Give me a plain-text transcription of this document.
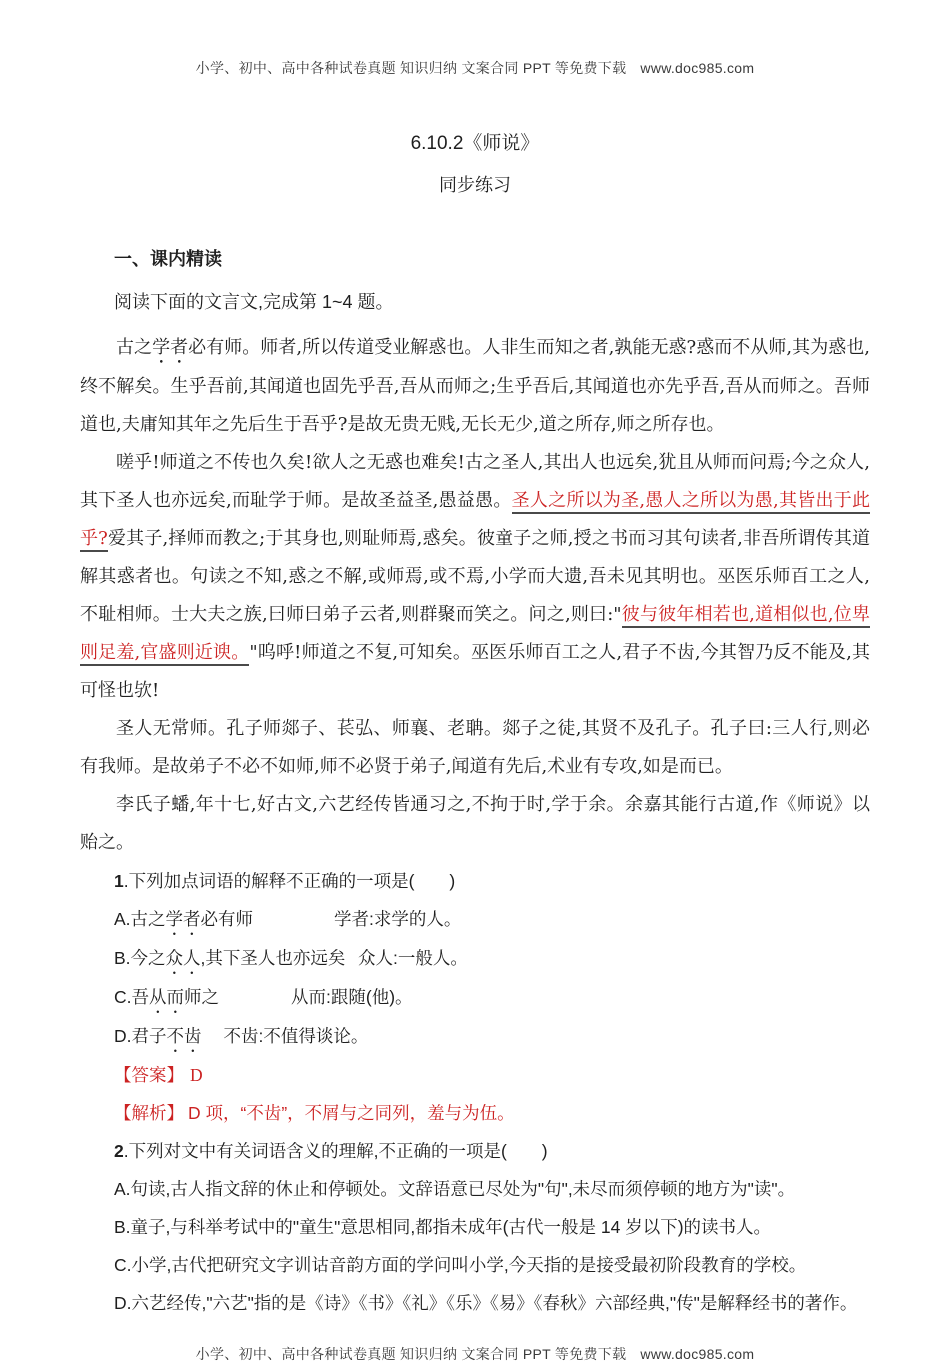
小学、初中、高中各种试卷真题 知识归纳 文案合同 PPT 等免费下载 www.doc985.com
6.10.2《师说》
同步练习
一、课内精读

阅读下面的文言文,完成第 1~4 题。

古之学者必有师。师者,所以传道受业解惑也。人非生而知之者,孰能无惑?惑而不从师,其为惑也,终不解矣。生乎吾前,其闻道也固先乎吾,吾从而师之;生乎吾后,其闻道也亦先乎吾,吾从而师之。吾师道也,夫庸知其年之先后生于吾乎?是故无贵无贱,无长无少,道之所存,师之所存也。

嗟乎!师道之不传也久矣!欲人之无惑也难矣!古之圣人,其出人也远矣,犹且从师而问焉;今之众人,其下圣人也亦远矣,而耻学于师。是故圣益圣,愚益愚。圣人之所以为圣,愚人之所以为愚,其皆出于此乎?爱其子,择师而教之;于其身也,则耻师焉,惑矣。彼童子之师,授之书而习其句读者,非吾所谓传其道解其惑者也。句读之不知,惑之不解,或师焉,或不焉,小学而大遗,吾未见其明也。巫医乐师百工之人,不耻相师。士大夫之族,曰师曰弟子云者,则群聚而笑之。问之,则曰:"彼与彼年相若也,道相似也,位卑则足羞,官盛则近谀。"呜呼!师道之不复,可知矣。巫医乐师百工之人,君子不齿,今其智乃反不能及,其可怪也欤!

圣人无常师。孔子师郯子、苌弘、师襄、老聃。郯子之徒,其贤不及孔子。孔子曰:三人行,则必有我师。是故弟子不必不如师,师不必贤于弟子,闻道有先后,术业有专攻,如是而已。

李氏子蟠,年十七,好古文,六艺经传皆通习之,不拘于时,学于余。余嘉其能行古道,作《师说》以贻之。

1.下列加点词语的解释不正确的一项是(　　)

A.古之学者必有师	学者:求学的人。

B.今之众人,其下圣人也亦远矣 众人:一般人。

C.吾从而师之	从而:跟随(他)。

D.君子不齿 不齿:不值得谈论。

【答案】 D

【解析】 D 项，“不齿”，不屑与之同列，羞与为伍。

2.下列对文中有关词语含义的理解,不正确的一项是(　　)

A.句读,古人指文辞的休止和停顿处。文辞语意已尽处为"句",未尽而须停顿的地方为"读"。

B.童子,与科举考试中的"童生"意思相同,都指未成年(古代一般是 14 岁以下)的读书人。

C.小学,古代把研究文字训诂音韵方面的学问叫小学,今天指的是接受最初阶段教育的学校。

D.六艺经传,"六艺"指的是《诗》《书》《礼》《乐》《易》《春秋》六部经典,"传"是解释经书的著作。

小学、初中、高中各种试卷真题 知识归纳 文案合同 PPT 等免费下载 www.doc985.com
